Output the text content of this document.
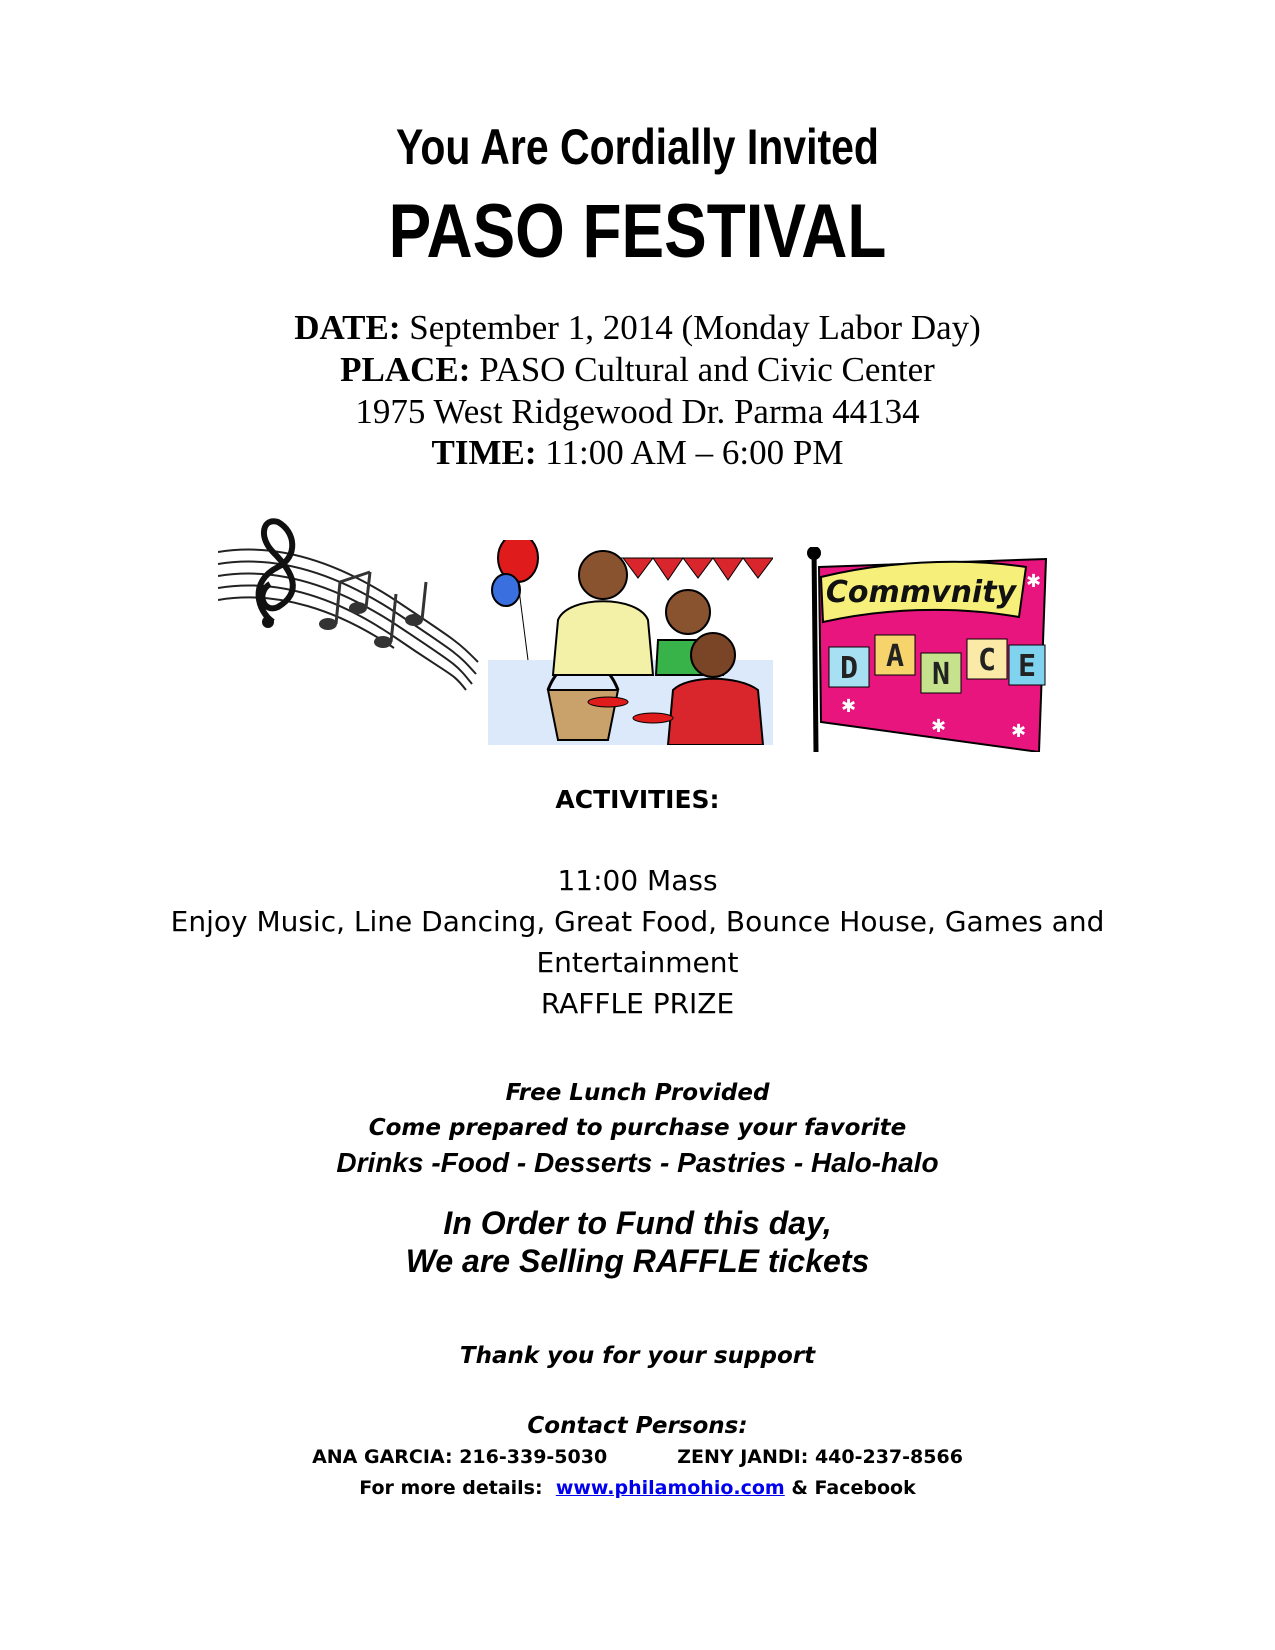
You Are Cordially Invited
PASO FESTIVAL
DATE: September 1, 2014 (Monday Labor Day)
PLACE: PASO Cultural and Civic Center
1975 West Ridgewood Dr. Parma 44134
TIME: 11:00 AM – 6:00 PM
Commvnity
D A
N C E
✱
✱
✱	✱
ACTIVITIES:
11:00 Mass
Enjoy Music, Line Dancing, Great Food, Bounce House, Games and
Entertainment
RAFFLE PRIZE
Free Lunch Provided
Come prepared to purchase your favorite
Drinks -Food - Desserts - Pastries - Halo-halo
In Order to Fund this day,
We are Selling RAFFLE tickets
Thank you for your support
Contact Persons:
ANA GARCIA: 216-339-5030	ZENY JANDI: 440-237-8566
For more details: www.philamohio.com & Facebook
